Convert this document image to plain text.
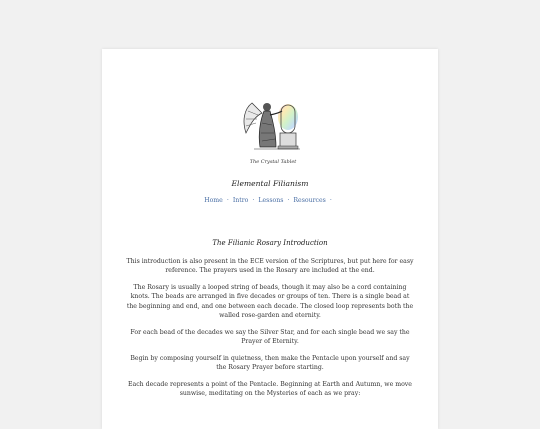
The Crystal Tablet
Elemental Filianism
Home · Intro · Lessons · Resources ·
The Filianic Rosary Introduction

This introduction is also present in the ECE version of the Scriptures, but put here for easy reference. The prayers used in the Rosary are included at the end.

The Rosary is usually a looped string of beads, though it may also be a cord containing knots. The beads are arranged in five decades or groups of ten. There is a single bead at the beginning and end, and one between each decade. The closed loop represents both the walled rose-garden and eternity.

For each bead of the decades we say the Silver Star, and for each single bead we say the Prayer of Eternity.

Begin by composing yourself in quietness, then make the Pentacle upon yourself and say the Rosary Prayer before starting.

Each decade represents a point of the Pentacle. Beginning at Earth and Autumn, we move sunwise, meditating on the Mysteries of each as we pray:
